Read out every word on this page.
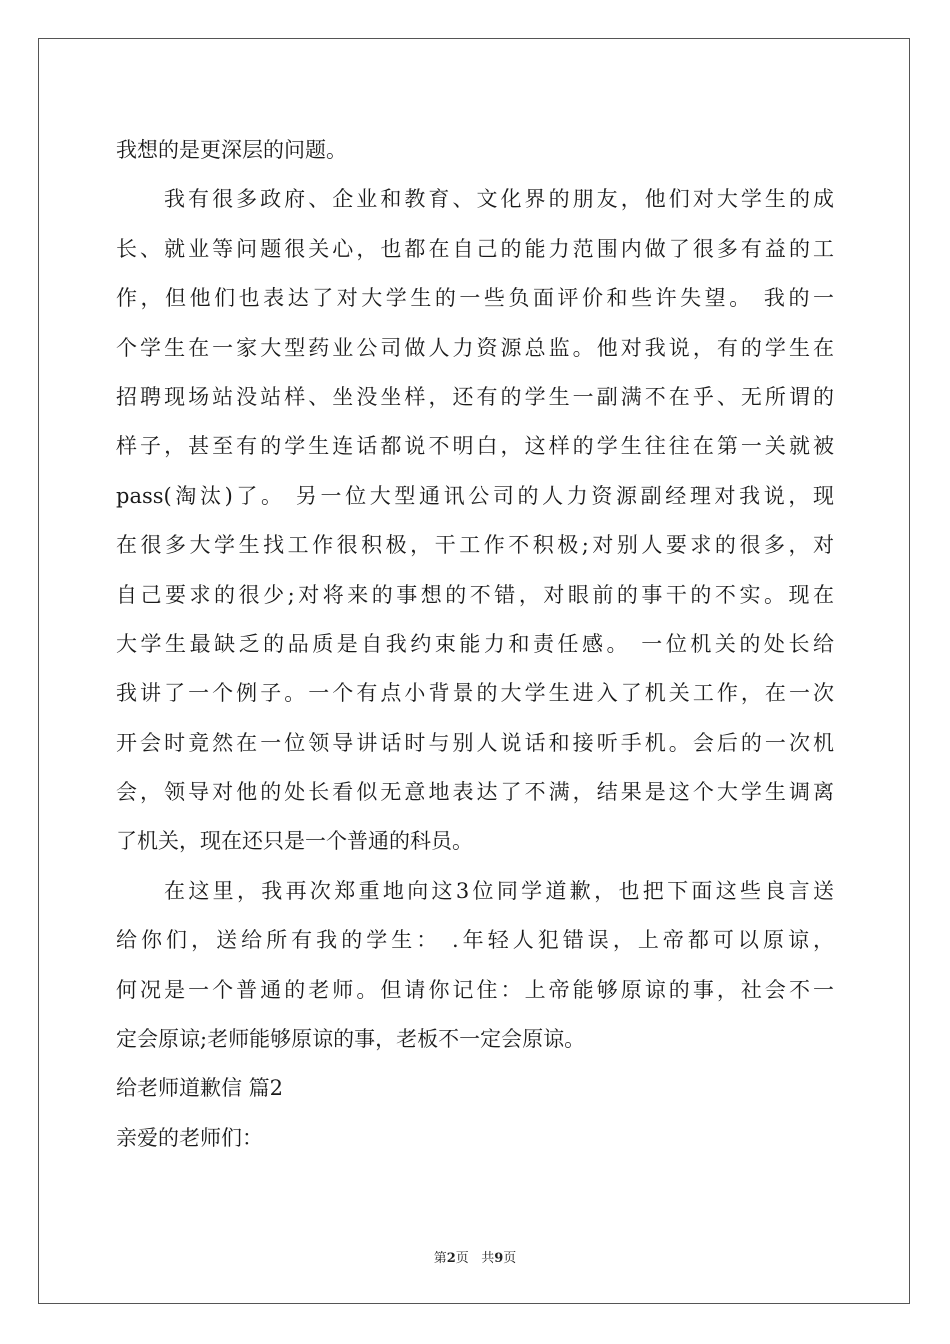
我想的是更深层的问题。
我有很多政府、企业和教育、文化界的朋友，他们对大学生的成
长、就业等问题很关心，也都在自己的能力范围内做了很多有益的工
作，但他们也表达了对大学生的一些负面评价和些许失望。 我的一
个学生在一家大型药业公司做人力资源总监。他对我说，有的学生在
招聘现场站没站样、坐没坐样，还有的学生一副满不在乎、无所谓的
样子，甚至有的学生连话都说不明白，这样的学生往往在第一关就被
pass(淘汰)了。 另一位大型通讯公司的人力资源副经理对我说，现
在很多大学生找工作很积极，干工作不积极;对别人要求的很多，对
自己要求的很少;对将来的事想的不错，对眼前的事干的不实。现在
大学生最缺乏的品质是自我约束能力和责任感。 一位机关的处长给
我讲了一个例子。一个有点小背景的大学生进入了机关工作，在一次
开会时竟然在一位领导讲话时与别人说话和接听手机。会后的一次机
会，领导对他的处长看似无意地表达了不满，结果是这个大学生调离
了机关，现在还只是一个普通的科员。
在这里，我再次郑重地向这3位同学道歉，也把下面这些良言送
给你们，送给所有我的学生： .年轻人犯错误，上帝都可以原谅，
何况是一个普通的老师。但请你记住：上帝能够原谅的事，社会不一
定会原谅;老师能够原谅的事，老板不一定会原谅。
给老师道歉信 篇2
亲爱的老师们：
第2页 共9页
